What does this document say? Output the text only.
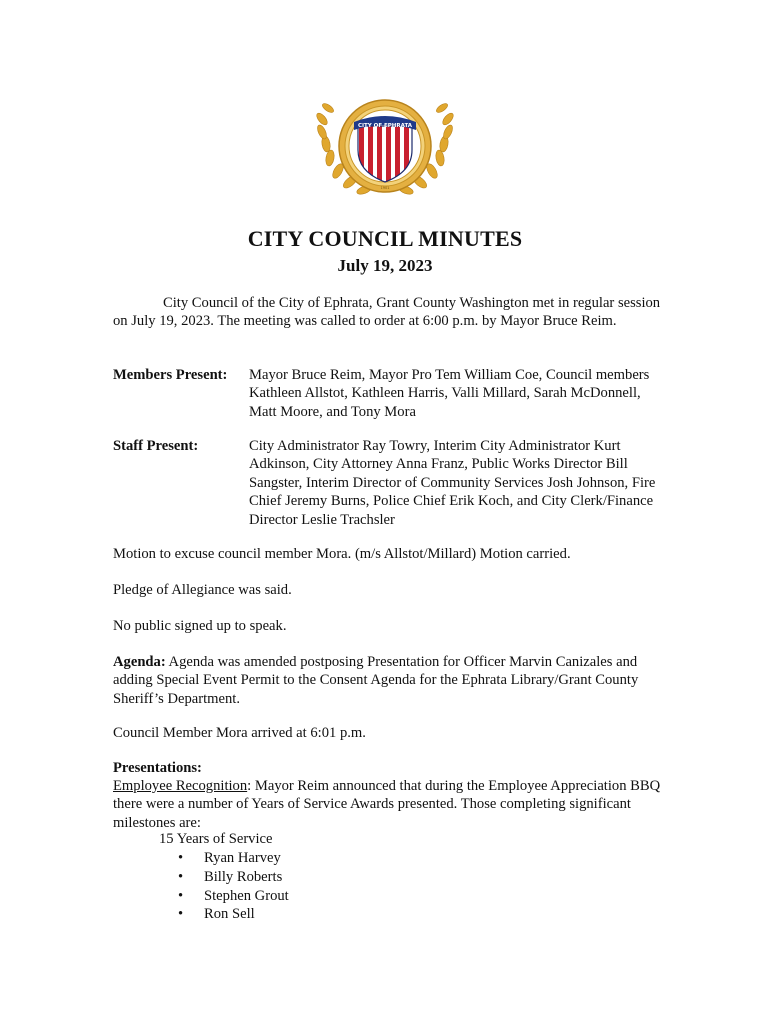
CITY OF EPHRATA
1901
CITY COUNCIL MINUTES
July 19, 2023
City Council of the City of Ephrata, Grant County Washington met in regular session on July 19, 2023. The meeting was called to order at 6:00 p.m. by Mayor Bruce Reim.
Members Present: Mayor Bruce Reim, Mayor Pro Tem William Coe, Council members Kathleen Allstot, Kathleen Harris, Valli Millard, Sarah McDonnell, Matt Moore, and Tony Mora
Staff Present:	City Administrator Ray Towry, Interim City Administrator Kurt Adkinson, City Attorney Anna Franz, Public Works Director Bill Sangster, Interim Director of Community Services Josh Johnson, Fire Chief Jeremy Burns, Police Chief Erik Koch, and City Clerk/Finance Director Leslie Trachsler
Motion to excuse council member Mora. (m/s Allstot/Millard) Motion carried.
Pledge of Allegiance was said.
No public signed up to speak.
Agenda: Agenda was amended postposing Presentation for Officer Marvin Canizales and adding Special Event Permit to the Consent Agenda for the Ephrata Library/Grant County Sheriff’s Department.
Council Member Mora arrived at 6:01 p.m.
Presentations:
Employee Recognition: Mayor Reim announced that during the Employee Appreciation BBQ there were a number of Years of Service Awards presented. Those completing significant milestones are:
15 Years of Service
• Ryan Harvey
• Billy Roberts
• Stephen Grout
• Ron Sell
